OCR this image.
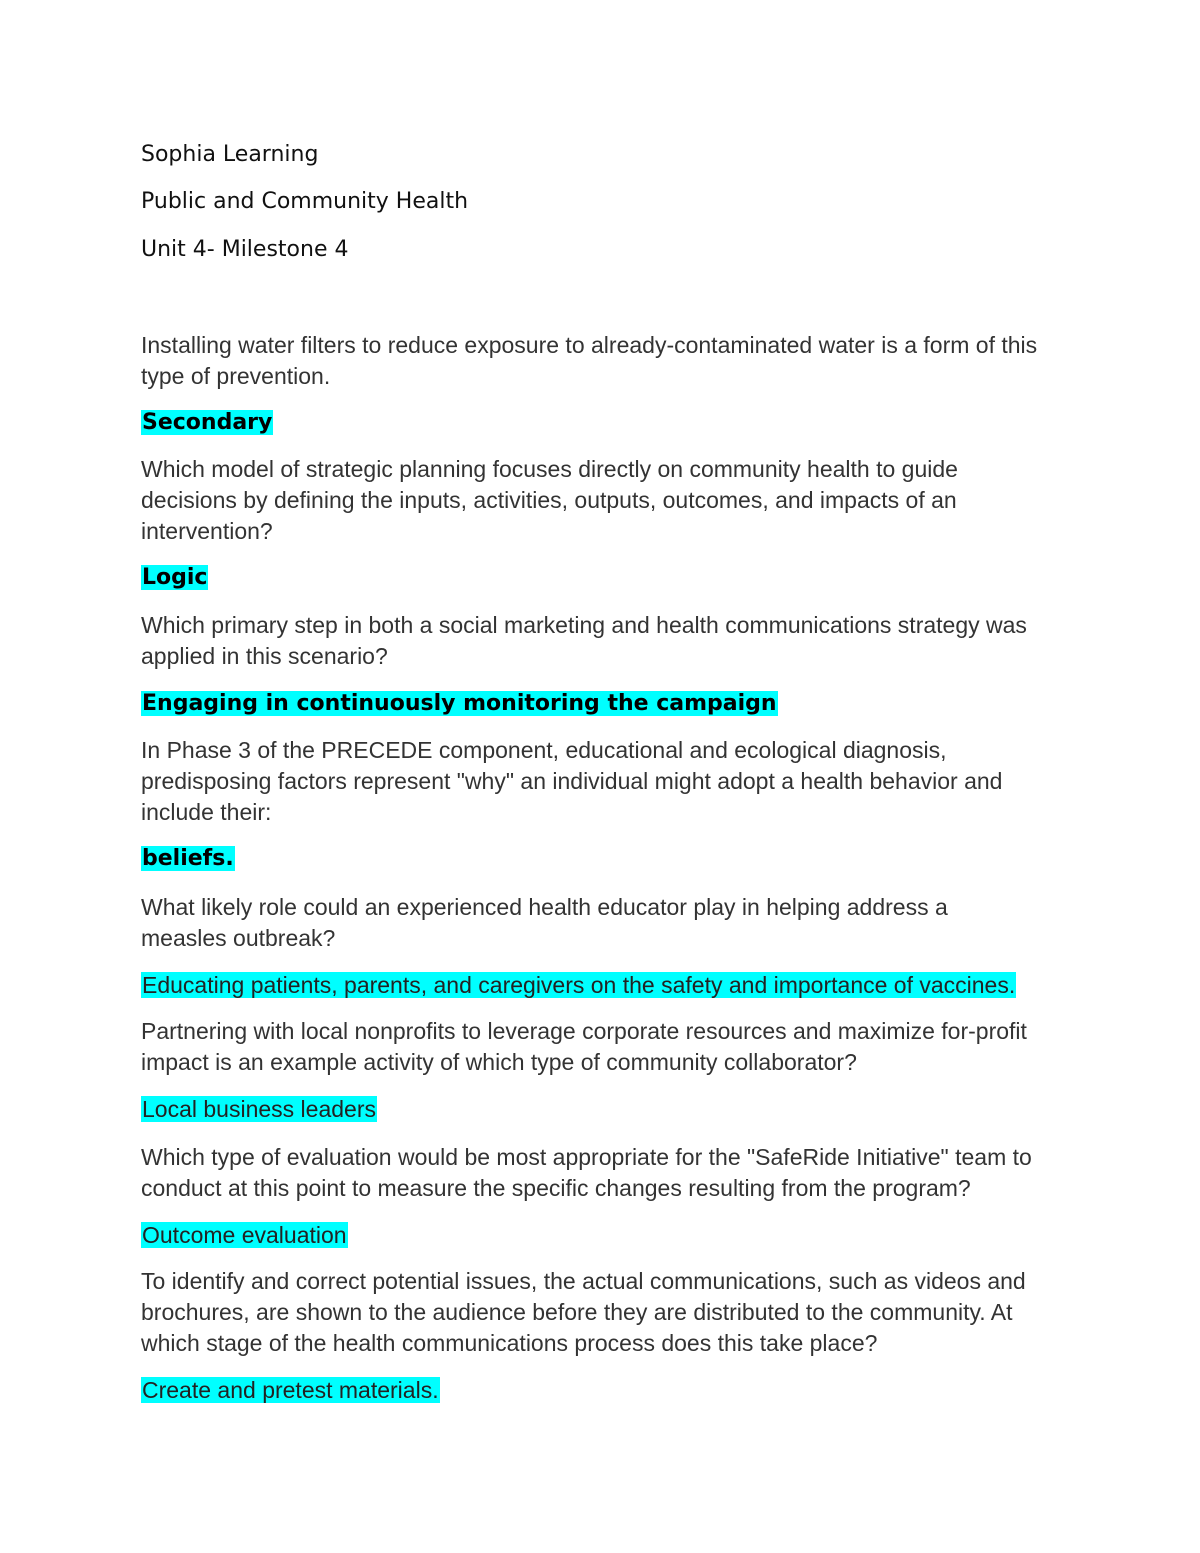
Sophia Learning
Public and Community Health
Unit 4- Milestone 4
Installing water filters to reduce exposure to already-contaminated water is a form of this
type of prevention.
Secondary
Which model of strategic planning focuses directly on community health to guide
decisions by defining the inputs, activities, outputs, outcomes, and impacts of an
intervention?
Logic
Which primary step in both a social marketing and health communications strategy was
applied in this scenario?
Engaging in continuously monitoring the campaign
In Phase 3 of the PRECEDE component, educational and ecological diagnosis,
predisposing factors represent "why" an individual might adopt a health behavior and
include their:
beliefs.
What likely role could an experienced health educator play in helping address a
measles outbreak?
Educating patients, parents, and caregivers on the safety and importance of vaccines.
Partnering with local nonprofits to leverage corporate resources and maximize for-profit
impact is an example activity of which type of community collaborator?
Local business leaders
Which type of evaluation would be most appropriate for the "SafeRide Initiative" team to
conduct at this point to measure the specific changes resulting from the program?
Outcome evaluation
To identify and correct potential issues, the actual communications, such as videos and
brochures, are shown to the audience before they are distributed to the community. At
which stage of the health communications process does this take place?
Create and pretest materials.
